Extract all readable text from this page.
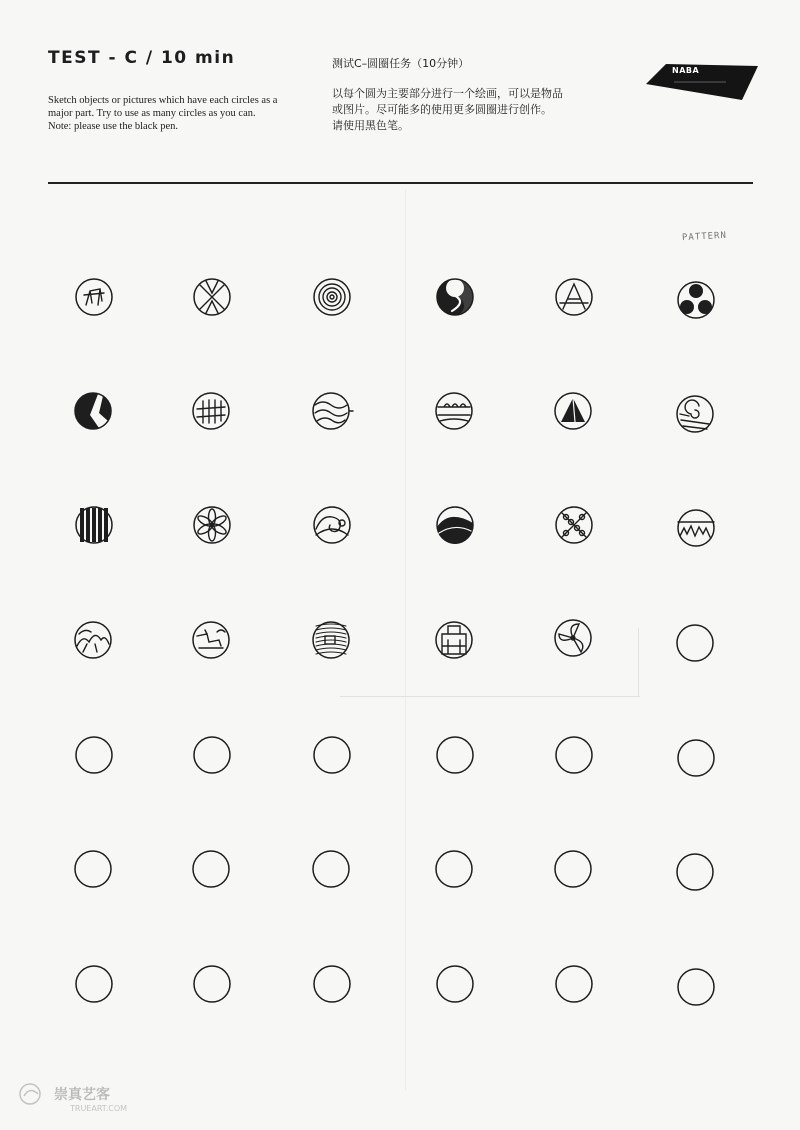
TEST - C / 10 min
Sketch objects or pictures which have each circles as a
major part. Try to use as many circles as you can.
Note: please use the black pen.
测试C–圆圈任务（10分钟）
以每个圆为主要部分进行一个绘画，可以是物品
或图片。尽可能多的使用更多圆圈进行创作。
请使用黑色笔。
NABA
PATTERN
崇真艺客
TRUEART.COM
